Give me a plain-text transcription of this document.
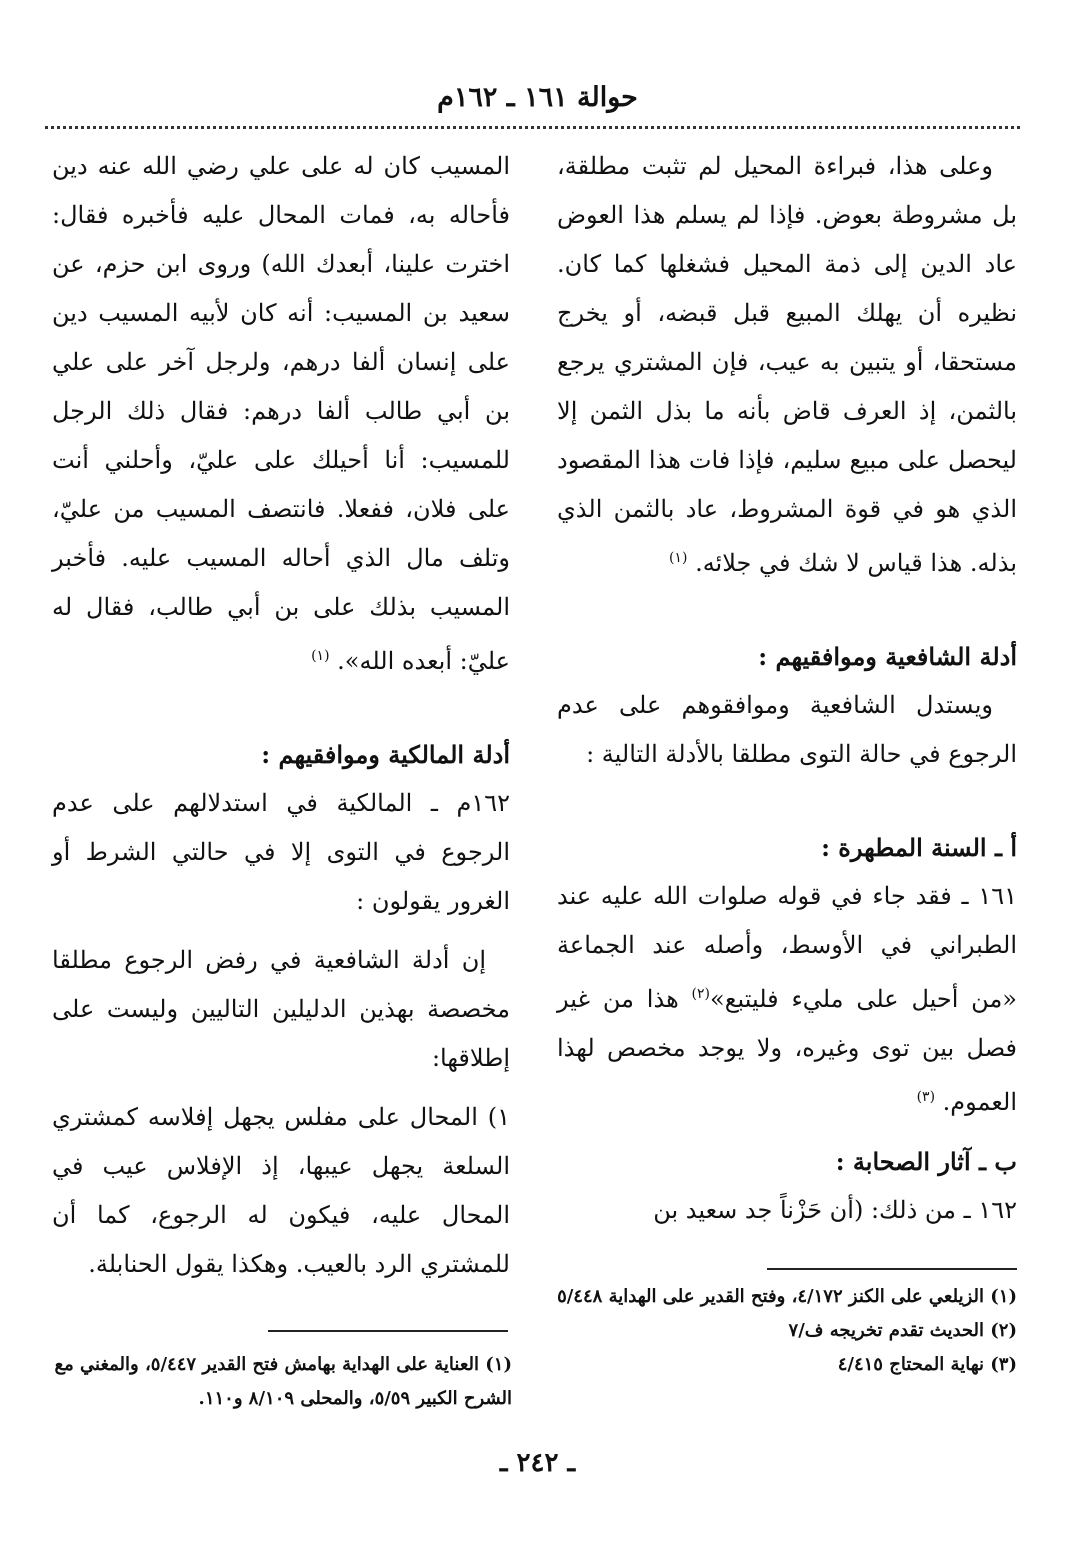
حوالة ١٦١ ـ ١٦٢م

وعلى هذا، فبراءة المحيل لم تثبت مطلقة، بل مشروطة بعوض. فإذا لم يسلم هذا العوض عاد الدين إلى ذمة المحيل فشغلها كما كان. نظيره أن يهلك المبيع قبل قبضه، أو يخرج مستحقا، أو يتبين به عيب، فإن المشتري يرجع بالثمن، إذ العرف قاض بأنه ما بذل الثمن إلا ليحصل على مبيع سليم، فإذا فات هذا المقصود الذي هو في قوة المشروط، عاد بالثمن الذي بذله. هذا قياس لا شك في جلائه. $^{(١)}$

أدلة الشافعية وموافقيهم :

ويستدل الشافعية وموافقوهم على عدم الرجوع في حالة التوى مطلقا بالأدلة التالية :

أ ـ السنة المطهرة :

١٦١ ـ فقد جاء في قوله صلوات الله عليه عند الطبراني في الأوسط، وأصله عند الجماعة «من أحيل على مليء فليتبع»$^{(٢)}$ هذا من غير فصل بين توى وغيره، ولا يوجد مخصص لهذا العموم. $^{(٣)}$

ب ـ آثار الصحابة :

١٦٢ ـ من ذلك: (أن حَزْناً جد سعيد بن

المسيب كان له على علي رضي الله عنه دين فأحاله به، فمات المحال عليه فأخبره فقال: اخترت علينا، أبعدك الله) وروى ابن حزم، عن سعيد بن المسيب: أنه كان لأبيه المسيب دين على إنسان ألفا درهم، ولرجل آخر على علي بن أبي طالب ألفا درهم: فقال ذلك الرجل للمسيب: أنا أحيلك على عليّ، وأحلني أنت على فلان، ففعلا. فانتصف المسيب من عليّ، وتلف مال الذي أحاله المسيب عليه. فأخبر المسيب بذلك على بن أبي طالب، فقال له عليّ: أبعده الله». $^{(١)}$

أدلة المالكية وموافقيهم :

١٦٢م ـ المالكية في استدلالهم على عدم الرجوع في التوى إلا في حالتي الشرط أو الغرور يقولون :

إن أدلة الشافعية في رفض الرجوع مطلقا مخصصة بهذين الدليلين التاليين وليست على إطلاقها:

١) المحال على مفلس يجهل إفلاسه كمشتري السلعة يجهل عيبها، إذ الإفلاس عيب في المحال عليه، فيكون له الرجوع، كما أن للمشتري الرد بالعيب. وهكذا يقول الحنابلة.

(١) الزيلعي على الكنز ٤/١٧٢، وفتح القدير على الهداية ٥/٤٤٨

(٢) الحديث تقدم تخريجه ف/٧

(٣) نهاية المحتاج ٤/٤١٥

(١) العناية على الهداية بهامش فتح القدير ٥/٤٤٧، والمغني مع الشرح الكبير ٥/٥٩، والمحلى ٨/١٠٩ و١١٠.

ـ ٢٤٢ ـ
